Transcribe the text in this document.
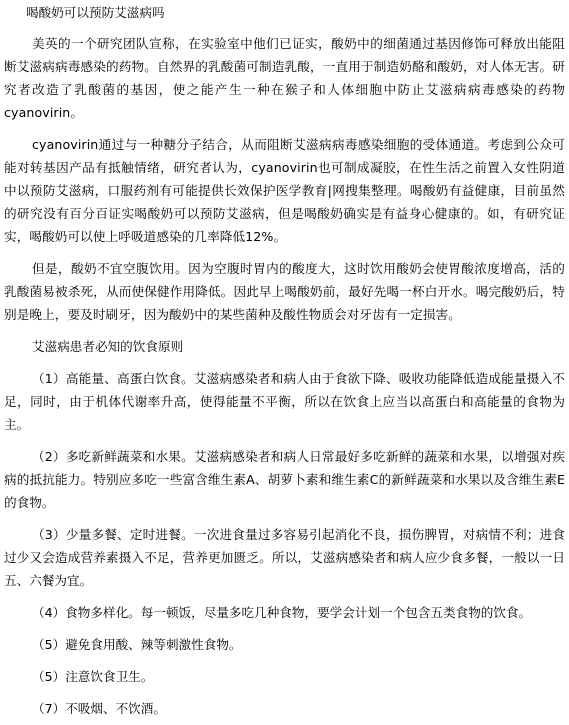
喝酸奶可以预防艾滋病吗

美英的一个研究团队宣称，在实验室中他们已证实，酸奶中的细菌通过基因修饰可释放出能阻断艾滋病病毒感染的药物。自然界的乳酸菌可制造乳酸，一直用于制造奶酪和酸奶，对人体无害。研究者改造了乳酸菌的基因，使之能产生一种在猴子和人体细胞中防止艾滋病病毒感染的药物cyanovirin。

cyanovirin通过与一种糖分子结合，从而阻断艾滋病病毒感染细胞的受体通道。考虑到公众可能对转基因产品有抵触情绪，研究者认为，cyanovirin也可制成凝胶，在性生活之前置入女性阴道中以预防艾滋病，口服药剂有可能提供长效保护医学教育|网搜集整理。喝酸奶有益健康，目前虽然的研究没有百分百证实喝酸奶可以预防艾滋病，但是喝酸奶确实是有益身心健康的。如，有研究证实，喝酸奶可以使上呼吸道感染的几率降低12%。

但是，酸奶不宜空腹饮用。因为空腹时胃内的酸度大，这时饮用酸奶会使胃酸浓度增高，活的乳酸菌易被杀死，从而使保健作用降低。因此早上喝酸奶前，最好先喝一杯白开水。喝完酸奶后，特别是晚上，要及时刷牙，因为酸奶中的某些菌种及酸性物质会对牙齿有一定损害。

艾滋病患者必知的饮食原则

（1）高能量、高蛋白饮食。艾滋病感染者和病人由于食欲下降、吸收功能降低造成能量摄入不足，同时，由于机体代谢率升高，使得能量不平衡，所以在饮食上应当以高蛋白和高能量的食物为主。

（2）多吃新鲜蔬菜和水果。艾滋病感染者和病人日常最好多吃新鲜的蔬菜和水果，以增强对疾病的抵抗能力。特别应多吃一些富含维生素A、胡萝卜素和维生素C的新鲜蔬菜和水果以及含维生素E的食物。

（3）少量多餐、定时进餐。一次进食量过多容易引起消化不良，损伤脾胃，对病情不利；进食过少又会造成营养素摄入不足，营养更加匮乏。所以，艾滋病感染者和病人应少食多餐，一般以一日五、六餐为宜。

（4）食物多样化。每一顿饭，尽量多吃几种食物，要学会计划一个包含五类食物的饮食。

（5）避免食用酸、辣等刺激性食物。

（5）注意饮食卫生。

（7）不吸烟、不饮酒。
